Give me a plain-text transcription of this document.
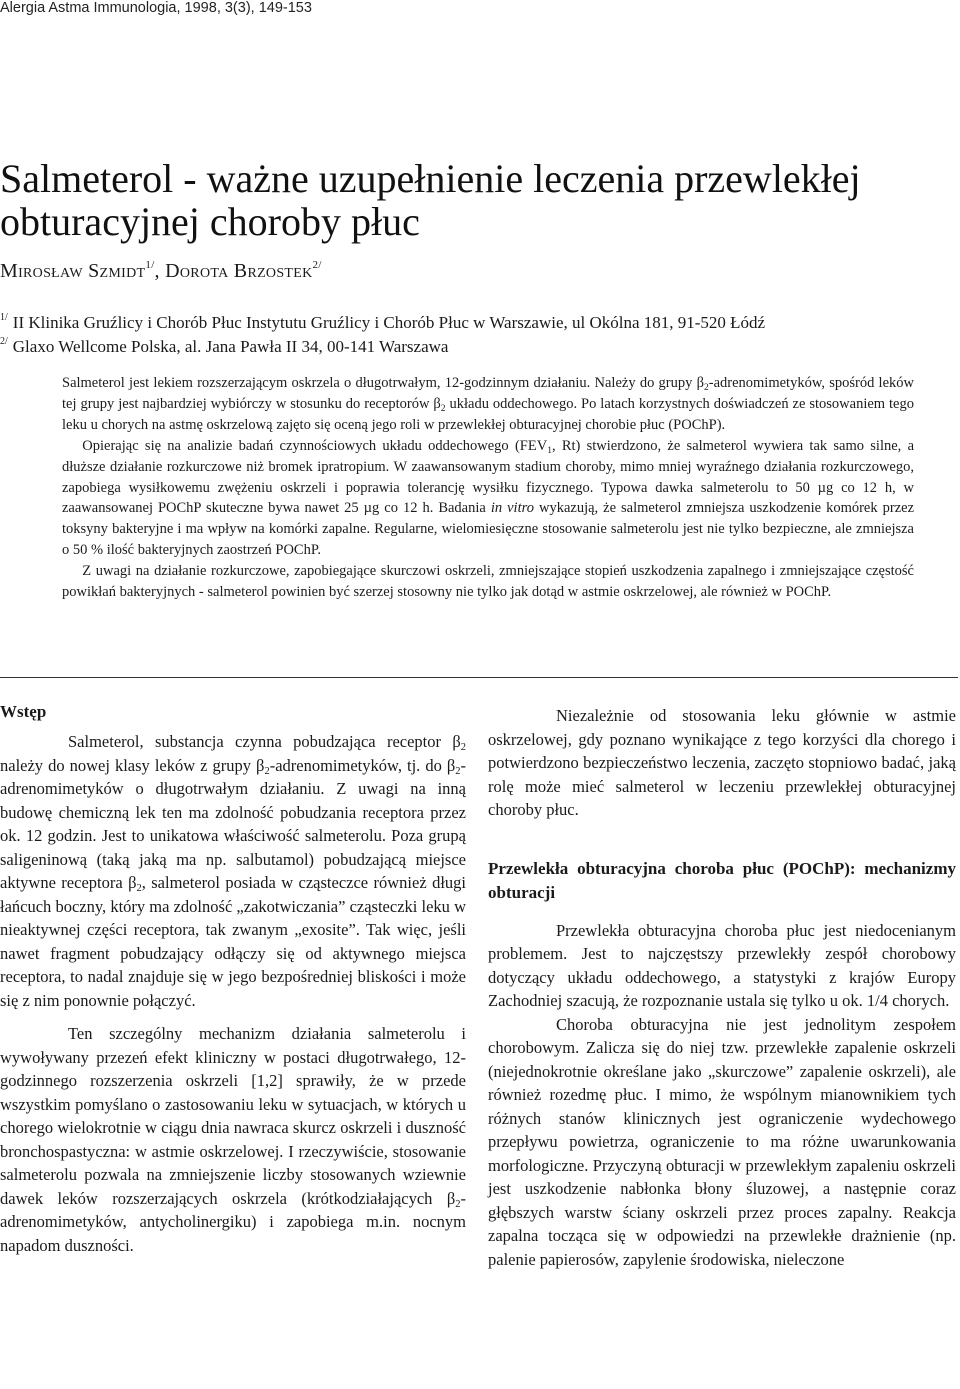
Alergia Astma Immunologia, 1998, 3(3), 149-153
Salmeterol - ważne uzupełnienie leczenia przewlekłej obturacyjnej choroby płuc
Mirosław Szmidt$^{1/}$, Dorota Brzostek$^{2/}$
$^{1/}$ II Klinika Gruźlicy i Chorób Płuc Instytutu Gruźlicy i Chorób Płuc w Warszawie, ul Okólna 181, 91-520 Łódź
$^{2/}$ Glaxo Wellcome Polska, al. Jana Pawła II 34, 00-141 Warszawa

Salmeterol jest lekiem rozszerzającym oskrzela o długotrwałym, 12-godzinnym działaniu. Należy do grupy $\beta_2$-adrenomimetyków, spośród leków tej grupy jest najbardziej wybiórczy w stosunku do receptorów $\beta_2$ układu oddechowego. Po latach korzystnych doświadczeń ze stosowaniem tego leku u chorych na astmę oskrzelową zajęto się oceną jego roli w przewlekłej obturacyjnej chorobie płuc (POChP).

Opierając się na analizie badań czynnościowych układu oddechowego ($FEV_1$, Rt) stwierdzono, że salmeterol wywiera tak samo silne, a dłuższe działanie rozkurczowe niż bromek ipratropium. W zaawansowanym stadium choroby, mimo mniej wyraźnego działania rozkurczowego, zapobiega wysiłkowemu zwężeniu oskrzeli i poprawia tolerancję wysiłku fizycznego. Typowa dawka salmeterolu to 50 µg co 12 h, w zaawansowanej POChP skuteczne bywa nawet 25 µg co 12 h. Badania in vitro wykazują, że salmeterol zmniejsza uszkodzenie komórek przez toksyny bakteryjne i ma wpływ na komórki zapalne. Regularne, wielomiesięczne stosowanie salmeterolu jest nie tylko bezpieczne, ale zmniejsza o 50 % ilość bakteryjnych zaostrzeń POChP.

Z uwagi na działanie rozkurczowe, zapobiegające skurczowi oskrzeli, zmniejszające stopień uszkodzenia zapalnego i zmniejszające częstość powikłań bakteryjnych - salmeterol powinien być szerzej stosowny nie tylko jak dotąd w astmie oskrzelowej, ale również w POChP.

Wstęp

Salmeterol, substancja czynna pobudzająca receptor $\beta_2$ należy do nowej klasy leków z grupy $\beta_2$-adrenomimetyków, tj. do $\beta_2$-adrenomimetyków o długotrwałym działaniu. Z uwagi na inną budowę chemiczną lek ten ma zdolność pobudzania receptora przez ok. 12 godzin. Jest to unikatowa właściwość salmeterolu. Poza grupą saligeninową (taką jaką ma np. salbutamol) pobudzającą miejsce aktywne receptora $\beta_2$, salmeterol posiada w cząsteczce również długi łańcuch boczny, który ma zdolność „zakotwiczania” cząsteczki leku w nieaktywnej części receptora, tak zwanym „exosite”. Tak więc, jeśli nawet fragment pobudzający odłączy się od aktywnego miejsca receptora, to nadal znajduje się w jego bezpośredniej bliskości i może się z nim ponownie połączyć.

Ten szczególny mechanizm działania salmeterolu i wywoływany przezeń efekt kliniczny w postaci długotrwałego, 12-godzinnego rozszerzenia oskrzeli [1,2] sprawiły, że w przede wszystkim pomyślano o zastosowaniu leku w sytuacjach, w których u chorego wielokrotnie w ciągu dnia nawraca skurcz oskrzeli i duszność bronchospastyczna: w astmie oskrzelowej. I rzeczywiście, stosowanie salmeterolu pozwala na zmniejszenie liczby stosowanych wziewnie dawek leków rozszerzających oskrzela (krótkodziałających $\beta_2$-adrenomimetyków, antycholinergiku) i zapobiega m.in. nocnym napadom duszności.

Niezależnie od stosowania leku głównie w astmie oskrzelowej, gdy poznano wynikające z tego korzyści dla chorego i potwierdzono bezpieczeństwo leczenia, zaczęto stopniowo badać, jaką rolę może mieć salmeterol w leczeniu przewlekłej obturacyjnej choroby płuc.

Przewlekła obturacyjna choroba płuc (POChP): mechanizmy obturacji

Przewlekła obturacyjna choroba płuc jest niedocenianym problemem. Jest to najczęstszy przewlekły zespół chorobowy dotyczący układu oddechowego, a statystyki z krajów Europy Zachodniej szacują, że rozpoznanie ustala się tylko u ok. 1/4 chorych.

Choroba obturacyjna nie jest jednolitym zespołem chorobowym. Zalicza się do niej tzw. przewlekłe zapalenie oskrzeli (niejednokrotnie określane jako „skurczowe” zapalenie oskrzeli), ale również rozedmę płuc. I mimo, że wspólnym mianownikiem tych różnych stanów klinicznych jest ograniczenie wydechowego przepływu powietrza, ograniczenie to ma różne uwarunkowania morfologiczne. Przyczyną obturacji w przewlekłym zapaleniu oskrzeli jest uszkodzenie nabłonka błony śluzowej, a następnie coraz głębszych warstw ściany oskrzeli przez proces zapalny. Reakcja zapalna tocząca się w odpowiedzi na przewlekłe drażnienie (np. palenie papierosów, zapylenie środowiska, nieleczone
